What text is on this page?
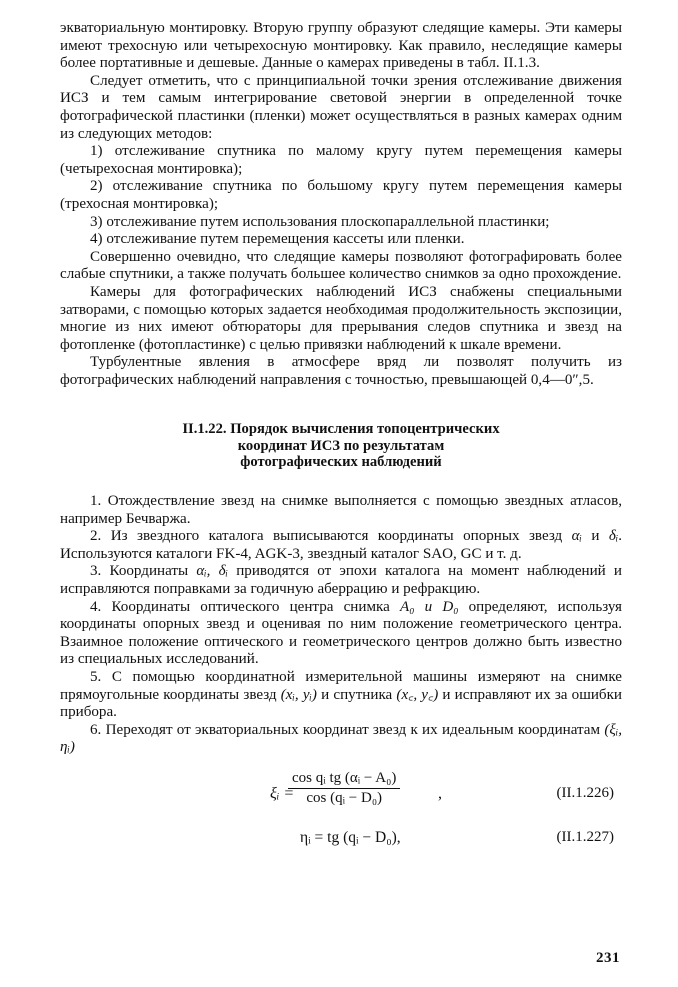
экваториальную монтировку. Вторую группу образуют следящие камеры. Эти камеры имеют трехосную или четырехосную монтировку. Как правило, неследящие камеры более портативные и дешевые. Данные о камерах приведены в табл. II.1.3.

Следует отметить, что с принципиальной точки зрения отслеживание движения ИСЗ и тем самым интегрирование световой энергии в определенной точке фотографической пластинки (пленки) может осуществляться в разных камерах одним из следующих методов:

1) отслеживание спутника по малому кругу путем перемещения камеры (четырехосная монтировка);

2) отслеживание спутника по большому кругу путем перемещения камеры (трехосная монтировка);

3) отслеживание путем использования плоскопараллельной пластинки;

4) отслеживание путем перемещения кассеты или пленки.

Совершенно очевидно, что следящие камеры позволяют фотографировать более слабые спутники, а также получать большее количество снимков за одно прохождение.

Камеры для фотографических наблюдений ИСЗ снабжены специальными затворами, с помощью которых задается необходимая продолжительность экспозиции, многие из них имеют обтюраторы для прерывания следов спутника и звезд на фотопленке (фотопластинке) с целью привязки наблюдений к шкале времени.

Турбулентные явления в атмосфере вряд ли позволят получить из фотографических наблюдений направления с точностью, превышающей 0,4—0″,5.

II.1.22. Порядок вычисления топоцентрических
координат ИСЗ по результатам
фотографических наблюдений

1. Отождествление звезд на снимке выполняется с помощью звездных атласов, например Бечваржа.

2. Из звездного каталога выписываются координаты опорных звезд αᵢ и δᵢ. Используются каталоги FK-4, AGK-3, звездный каталог SAO, GC и т. д.

3. Координаты αᵢ, δᵢ приводятся от эпохи каталога на момент наблюдений и исправляются поправками за годичную аберрацию и рефракцию.

4. Координаты оптического центра снимка A₀ и D₀ определяют, используя координаты опорных звезд и оценивая по ним положение геометрического центра. Взаимное положение оптического и геометрического центров должно быть известно из специальных исследований.

5. С помощью координатной измерительной машины измеряют на снимке прямоугольные координаты звезд (xᵢ, yᵢ) и спутника (x꜀, y꜀) и исправляют их за ошибки прибора.

6. Переходят от экваториальных координат звезд к их идеальным координатам (ξᵢ, ηᵢ)

ξᵢ =
$\frac{\text{cos qᵢ tg (αᵢ − A₀)}}{\text{cos (qᵢ − D₀)}}$ ,	(II.1.226)
ηᵢ = tg (qᵢ − D₀),	(II.1.227)
231
